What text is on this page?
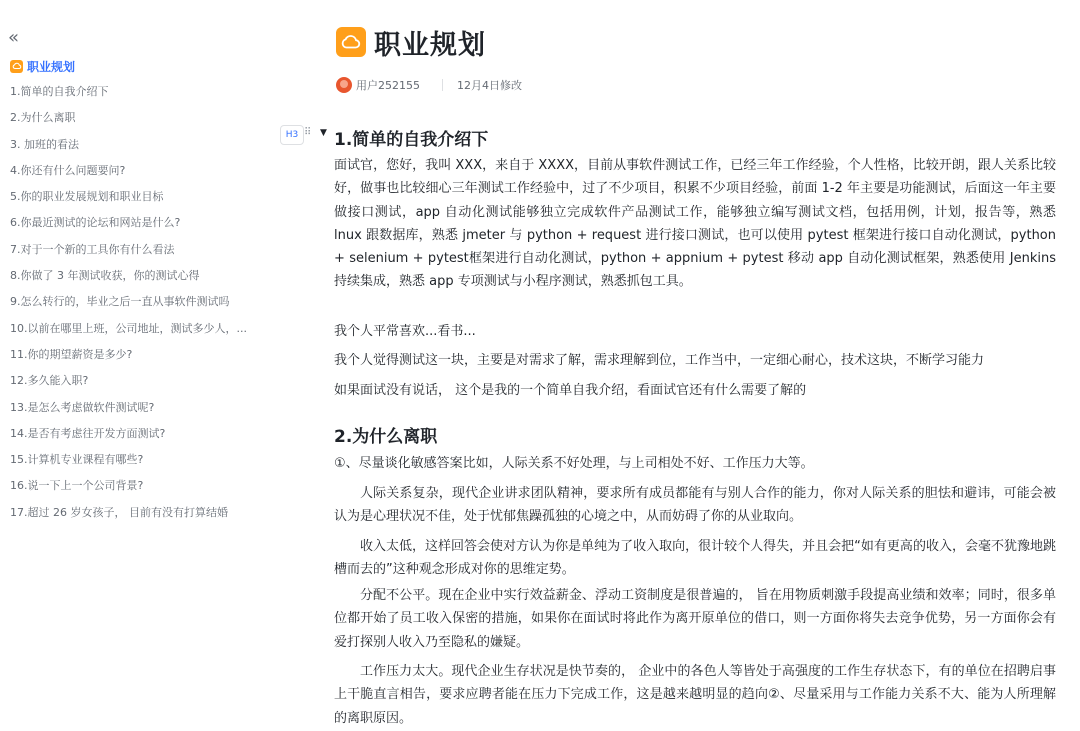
«
职业规划
1.简单的自我介绍下
2.为什么离职
3. 加班的看法
4.你还有什么问题要问?
5.你的职业发展规划和职业目标
6.你最近测试的论坛和网站是什么?
7.对于一个新的工具你有什么看法
8.你做了 3 年测试收获，你的测试心得
9.怎么转行的，毕业之后一直从事软件测试吗
10.以前在哪里上班，公司地址，测试多少人，...
11.你的期望薪资是多少?
12.多久能入职?
13.是怎么考虑做软件测试呢?
14.是否有考虑往开发方面测试?
15.计算机专业课程有哪些?
16.说一下上一个公司背景?
17.超过 26 岁女孩子， 目前有没有打算结婚
职业规划
用户252155	12月4日修改
H3 ⠿ ▼ 1.简单的自我介绍下
面试官，您好，我叫 XXX，来自于 XXXX，目前从事软件测试工作，已经三年工作经验，个人性格，比较开朗，跟人关系比较好，做事也比较细心三年测试工作经验中，过了不少项目，积累不少项目经验，前面 1-2 年主要是功能测试，后面这一年主要做接口测试，app 自动化测试能够独立完成软件产品测试工作，能够独立编写测试文档，包括用例，计划，报告等，熟悉 lnux 跟数据库，熟悉 jmeter 与 python + request 进行接口测试，也可以使用 pytest 框架进行接口自动化测试，python + selenium + pytest框架进行自动化测试，python + appnium + pytest 移动 app 自动化测试框架，熟悉使用 Jenkins 持续集成，熟悉 app 专项测试与小程序测试，熟悉抓包工具。
我个人平常喜欢...看书...
我个人觉得测试这一块，主要是对需求了解，需求理解到位，工作当中，一定细心耐心，技术这块，不断学习能力
如果面试没有说话， 这个是我的一个简单自我介绍，看面试官还有什么需要了解的
2.为什么离职
①、尽量谈化敏感答案比如，人际关系不好处理，与上司相处不好、工作压力大等。
人际关系复杂，现代企业讲求团队精神，要求所有成员都能有与别人合作的能力，你对人际关系的胆怯和避讳，可能会被认为是心理状况不佳，处于忧郁焦躁孤独的心境之中，从而妨碍了你的从业取向。
收入太低，这样回答会使对方认为你是单纯为了收入取向，很计较个人得失，并且会把“如有更高的收入，会毫不犹豫地跳槽而去的”这种观念形成对你的思维定势。
分配不公平。现在企业中实行效益薪金、浮动工资制度是很普遍的， 旨在用物质刺激手段提高业绩和效率；同时，很多单位都开始了员工收入保密的措施，如果你在面试时将此作为离开原单位的借口，则一方面你将失去竞争优势，另一方面你会有爱打探别人收入乃至隐私的嫌疑。
工作压力太大。现代企业生存状况是快节奏的， 企业中的各色人等皆处于高强度的工作生存状态下，有的单位在招聘启事上干脆直言相告，要求应聘者能在压力下完成工作，这是越来越明显的趋向②、尽量采用与工作能力关系不大、能为人所理解的离职原因。
